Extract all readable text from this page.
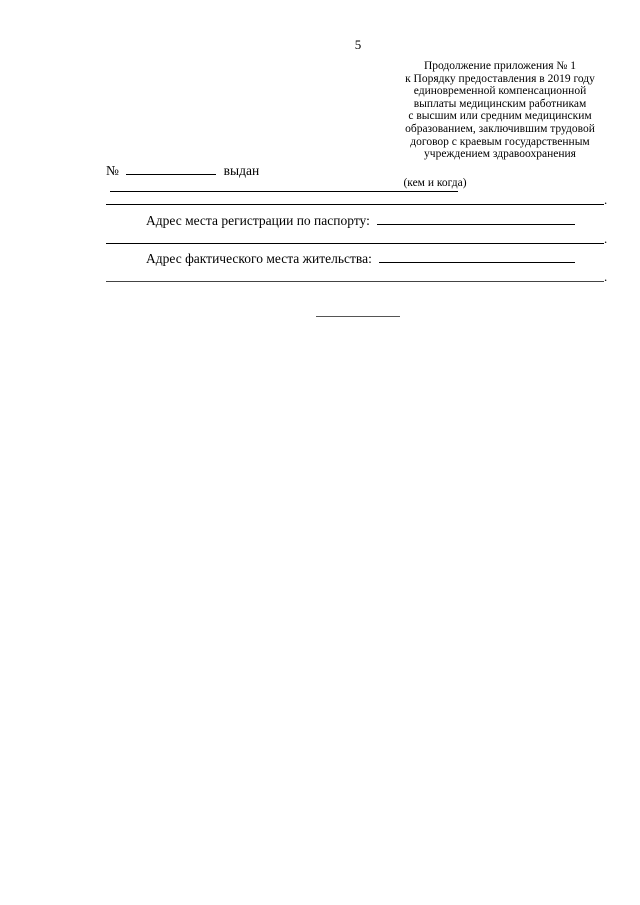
5
Продолжение приложения № 1
к Порядку предоставления в 2019 году
единовременной компенсационной
выплаты медицинским работникам
с высшим или средним медицинским
образованием, заключившим трудовой
договор с краевым государственным
учреждением здравоохранения
№	выдан
(кем и когда)
.
Адрес места регистрации по паспорту:
.
Адрес фактического места жительства:
.
